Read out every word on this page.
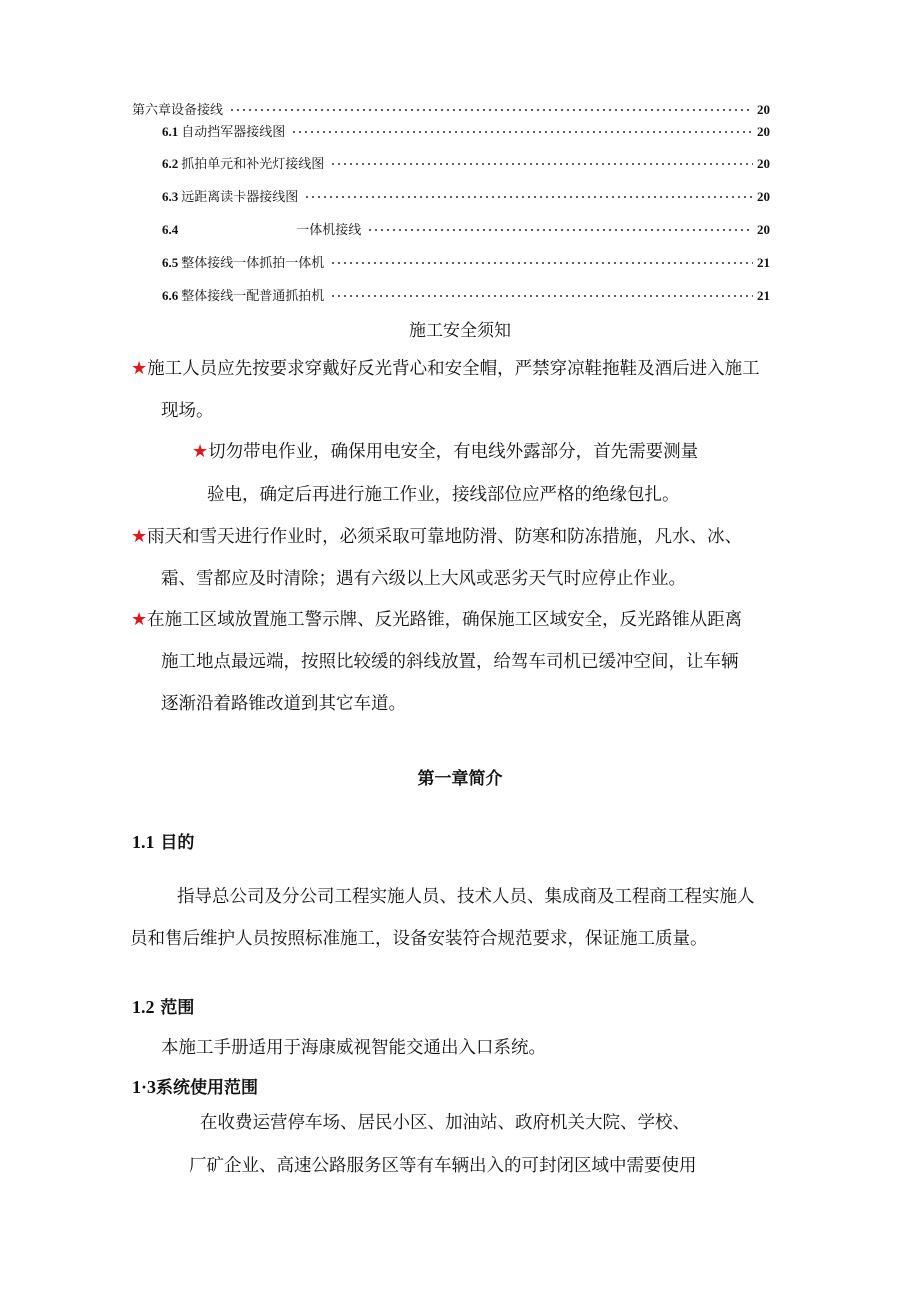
第六章设备接线	20
6.1 自动挡军器接线图	20
6.2 抓拍单元和补光灯接线图	20
6.3 远距离读卡器接线图	20
6.4	一体机接线	20
6.5 整体接线一体抓拍一体机	21
6.6 整体接线一配普通抓拍机	21
施工安全须知
★施工人员应先按要求穿戴好反光背心和安全帽，严禁穿凉鞋拖鞋及酒后进入施工
现场。
★切勿带电作业，确保用电安全，有电线外露部分，首先需要测量
验电，确定后再进行施工作业，接线部位应严格的绝缘包扎。
★雨天和雪天进行作业时，必须采取可靠地防滑、防寒和防冻措施，凡水、冰、
霜、雪都应及时清除；遇有六级以上大风或恶劣天气时应停止作业。
★在施工区域放置施工警示牌、反光路锥，确保施工区域安全，反光路锥从距离
施工地点最远端，按照比较缓的斜线放置，给驾车司机已缓冲空间，让车辆
逐渐沿着路锥改道到其它车道。
第一章简介
1.1 目的
指导总公司及分公司工程实施人员、技术人员、集成商及工程商工程实施人
员和售后维护人员按照标准施工，设备安装符合规范要求，保证施工质量。
1.2 范围
本施工手册适用于海康威视智能交通出入口系统。
1·3系统使用范围
在收费运营停车场、居民小区、加油站、政府机关大院、学校、
厂矿企业、高速公路服务区等有车辆出入的可封闭区域中需要使用
